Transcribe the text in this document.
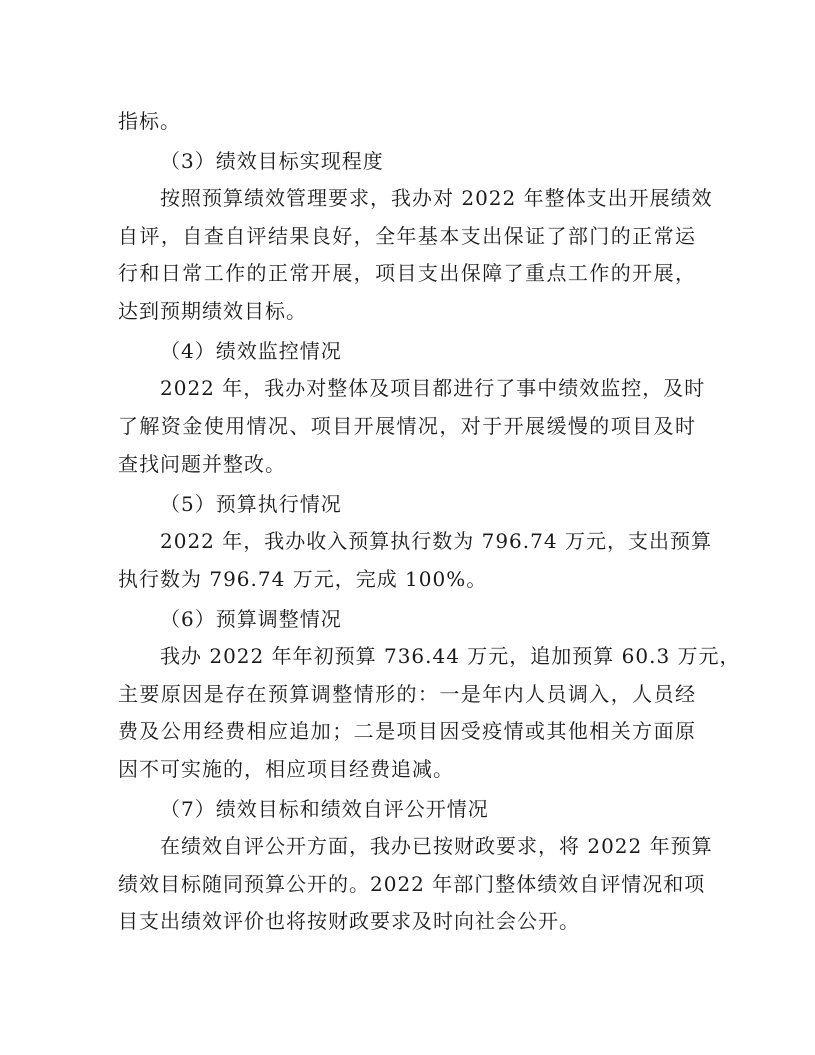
指标。
（3）绩效目标实现程度
按照预算绩效管理要求，我办对 2022 年整体支出开展绩效
自评，自查自评结果良好，全年基本支出保证了部门的正常运
行和日常工作的正常开展，项目支出保障了重点工作的开展，
达到预期绩效目标。
（4）绩效监控情况
2022 年，我办对整体及项目都进行了事中绩效监控，及时
了解资金使用情况、项目开展情况，对于开展缓慢的项目及时
查找问题并整改。
（5）预算执行情况
2022 年，我办收入预算执行数为 796.74 万元，支出预算
执行数为 796.74 万元，完成 100%。
（6）预算调整情况
我办 2022 年年初预算 736.44 万元，追加预算 60.3 万元，
主要原因是存在预算调整情形的：一是年内人员调入，人员经
费及公用经费相应追加；二是项目因受疫情或其他相关方面原
因不可实施的，相应项目经费追减。
（7）绩效目标和绩效自评公开情况
在绩效自评公开方面，我办已按财政要求，将 2022 年预算
绩效目标随同预算公开的。2022 年部门整体绩效自评情况和项
目支出绩效评价也将按财政要求及时向社会公开。
